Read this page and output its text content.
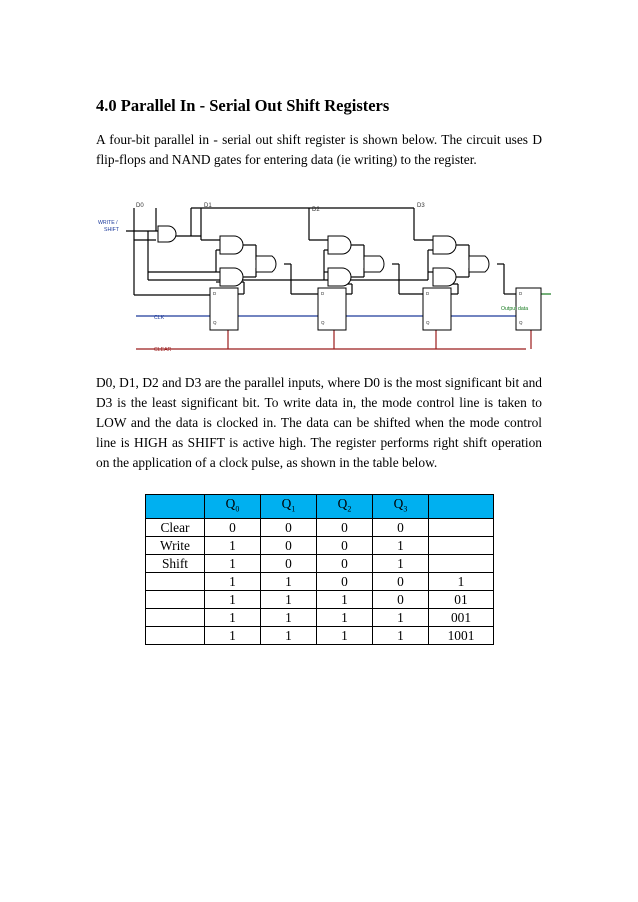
4.0 Parallel In - Serial Out Shift Registers

A four-bit parallel in - serial out shift register is shown below. The circuit uses D flip-flops and NAND gates for entering data (ie writing) to the register.

D
Q
D
Q
D
Q
D
Q
D0	D1
D2
D3
WRITE /
SHIFT
CLK
CLEAR
Output data

D0, D1, D2 and D3 are the parallel inputs, where D0 is the most significant bit and D3 is the least significant bit. To write data in, the mode control line is taken to LOW and the data is clocked in. The data can be shifted when the mode control line is HIGH as SHIFT is active high. The register performs right shift operation on the application of a clock pulse, as shown in the table below.

	$Q_0$	$Q_1$	$Q_2$	$Q_3$	
Clear	0	0	0	0	
Write	1	0	0	1	
Shift	1	0	0	1	
	1	1	0	0	1
	1	1	1	0	01
	1	1	1	1	001
	1	1	1	1	1001
